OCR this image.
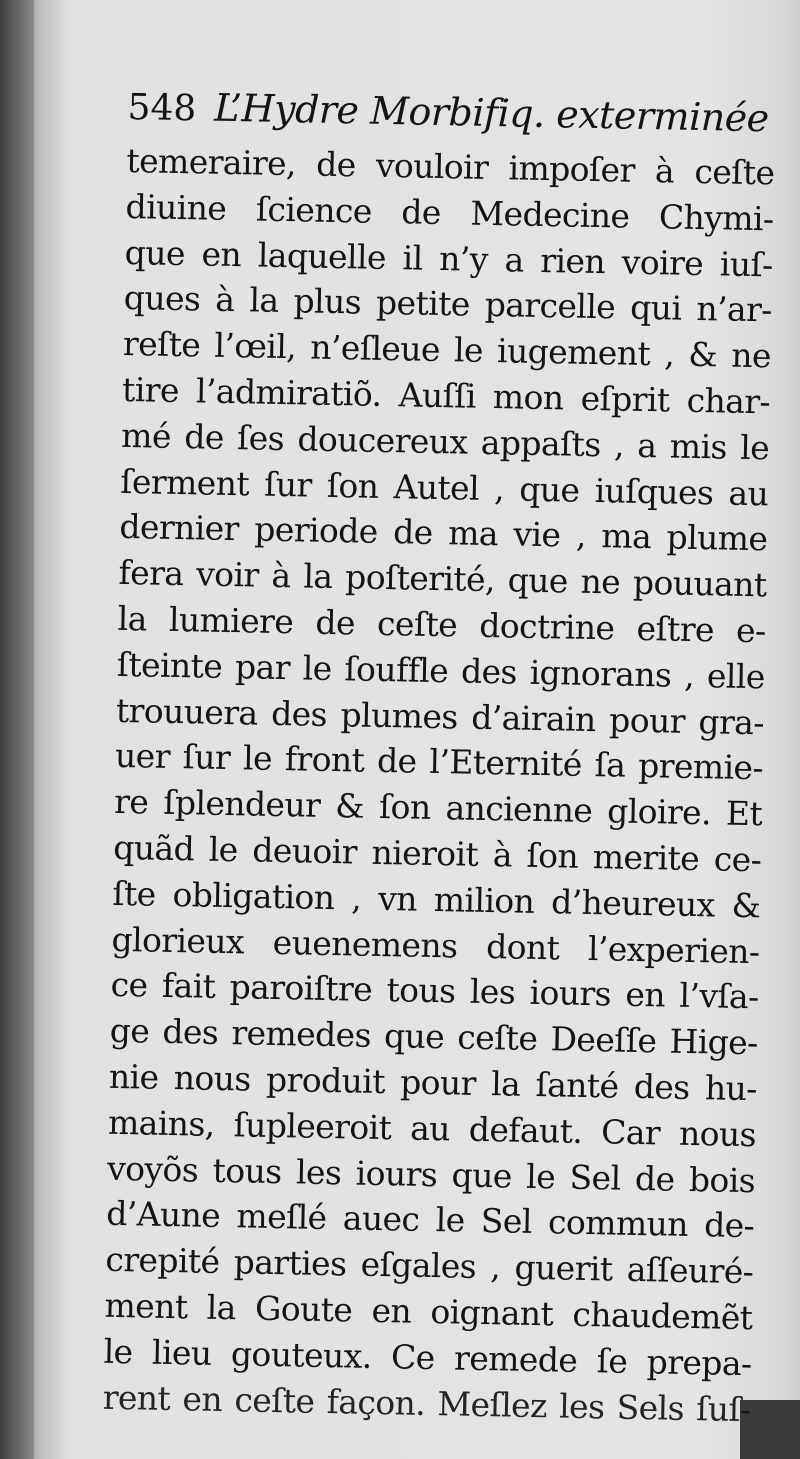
548 L’Hydre Morbifiq. exterminée
temeraire, de vouloir impoſer à ceſte
diuine ſcience de Medecine Chymi-
que en laquelle il n’y a rien voire iuſ-
ques à la plus petite parcelle qui n’ar-
reſte l’œil, n’eſleue le iugement , & ne
tire l’admiratiõ. Auſſi mon eſprit char-
mé de ſes doucereux appaſts , a mis le
ſerment ſur ſon Autel , que iuſques au
dernier periode de ma vie , ma plume
fera voir à la poſterité, que ne pouuant
la lumiere de ceſte doctrine eſtre e-
ſteinte par le ſouffle des ignorans , elle
trouuera des plumes d’airain pour gra-
uer ſur le front de l’Eternité ſa premie-
re ſplendeur & ſon ancienne gloire. Et
quãd le deuoir nieroit à ſon merite ce-
ſte obligation , vn milion d’heureux &
glorieux euenemens dont l’experien-
ce fait paroiſtre tous les iours en l’vſa-
ge des remedes que ceſte Deeſſe Hige-
nie nous produit pour la ſanté des hu-
mains, ſupleeroit au defaut. Car nous
voyõs tous les iours que le Sel de bois
d’Aune meſlé auec le Sel commun de-
crepité parties eſgales , guerit aſſeuré-
ment la Goute en oignant chaudemẽt
le lieu gouteux. Ce remede ſe prepa-
rent en ceſte façon. Meſlez les Sels ſuſ-
